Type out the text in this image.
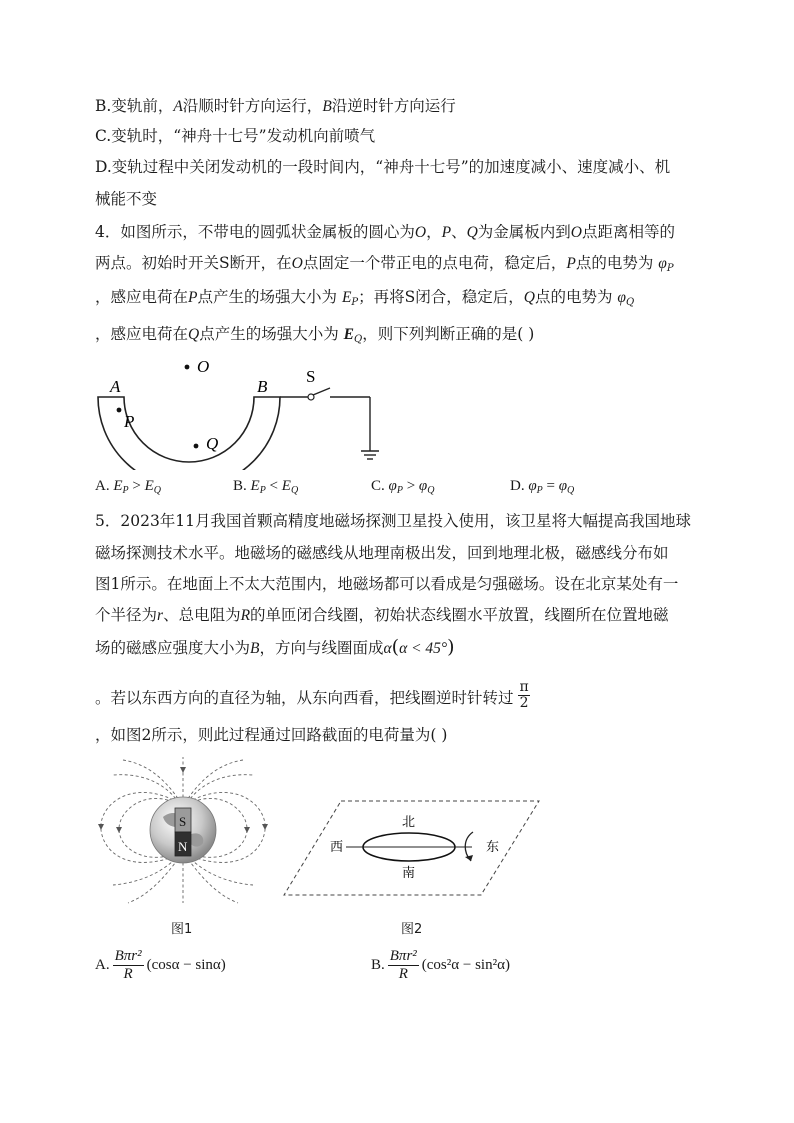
B.变轨前，A沿顺时针方向运行，B沿逆时针方向运行
C.变轨时，“神舟十七号”发动机向前喷气
D.变轨过程中关闭发动机的一段时间内，“神舟十七号”的加速度减小、速度减小、机
械能不变
4．如图所示，不带电的圆弧状金属板的圆心为O，P、Q为金属板内到O点距离相等的
两点。初始时开关S断开，在O点固定一个带正电的点电荷，稳定后，P点的电势为 $\varphi_P$
，感应电荷在P点产生的场强大小为 $E_P$；再将S闭合，稳定后，Q点的电势为 $\varphi_Q$
，感应电荷在Q点产生的场强大小为 $E_Q$，则下列判断正确的是( )
O
A	B
P
Q
S
A. $E_P > E_Q$	B. $E_P < E_Q$	C. $\varphi_P > \varphi_Q$	D. $\varphi_P = \varphi_Q$
5．2023年11月我国首颗高精度地磁场探测卫星投入使用，该卫星将大幅提高我国地球
磁场探测技术水平。地磁场的磁感线从地理南极出发，回到地理北极，磁感线分布如
图1所示。在地面上不太大范围内，地磁场都可以看成是匀强磁场。设在北京某处有一
个半径为r、总电阻为R的单匝闭合线圈，初始状态线圈水平放置，线圈所在位置地磁
场的磁感应强度大小为B，方向与线圈面成α(α < 45°)
。若以东西方向的直径为轴，从东向西看，把线圈逆时针转过 $\frac{\pi}{2}$
，如图2所示，则此过程通过回路截面的电荷量为( )
S
N
图1
北
南
西	东
图2
A.
Bπr²
R
(cosα − sinα)	B.
Bπr²
R
(cos²α − sin²α)
